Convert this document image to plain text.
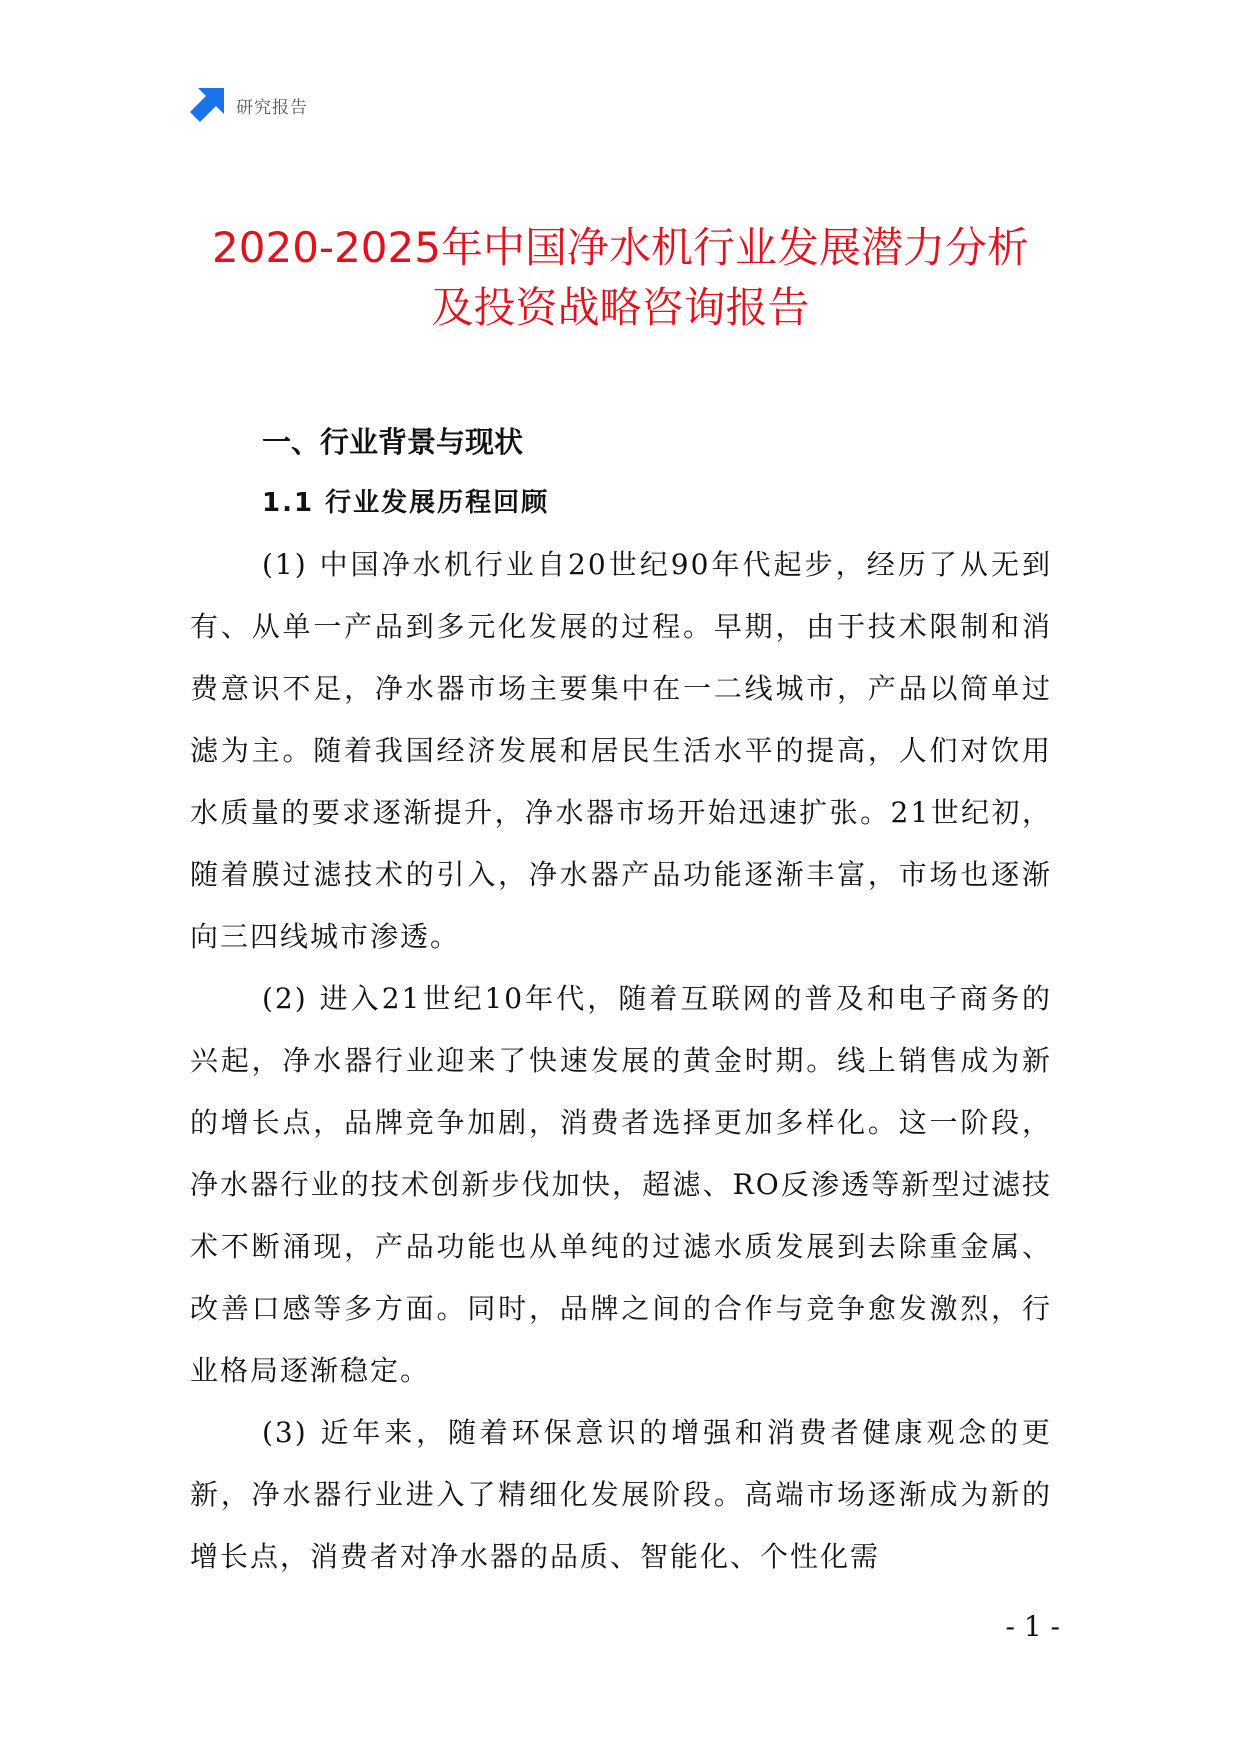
研究报告
2020-2025年中国净水机行业发展潜力分析
及投资战略咨询报告
一、行业背景与现状
1.1 行业发展历程回顾

(1) 中国净水机行业自20世纪90年代起步，经历了从无到有、从单一产品到多元化发展的过程。早期，由于技术限制和消费意识不足，净水器市场主要集中在一二线城市，产品以简单过滤为主。随着我国经济发展和居民生活水平的提高，人们对饮用水质量的要求逐渐提升，净水器市场开始迅速扩张。21世纪初，随着膜过滤技术的引入，净水器产品功能逐渐丰富，市场也逐渐向三四线城市渗透。

(2) 进入21世纪10年代，随着互联网的普及和电子商务的兴起，净水器行业迎来了快速发展的黄金时期。线上销售成为新的增长点，品牌竞争加剧，消费者选择更加多样化。这一阶段，净水器行业的技术创新步伐加快，超滤、RO反渗透等新型过滤技术不断涌现，产品功能也从单纯的过滤水质发展到去除重金属、改善口感等多方面。同时，品牌之间的合作与竞争愈发激烈，行业格局逐渐稳定。

(3) 近年来，随着环保意识的增强和消费者健康观念的更新，净水器行业进入了精细化发展阶段。高端市场逐渐成为新的增长点，消费者对净水器的品质、智能化、个性化需

- 1 -
